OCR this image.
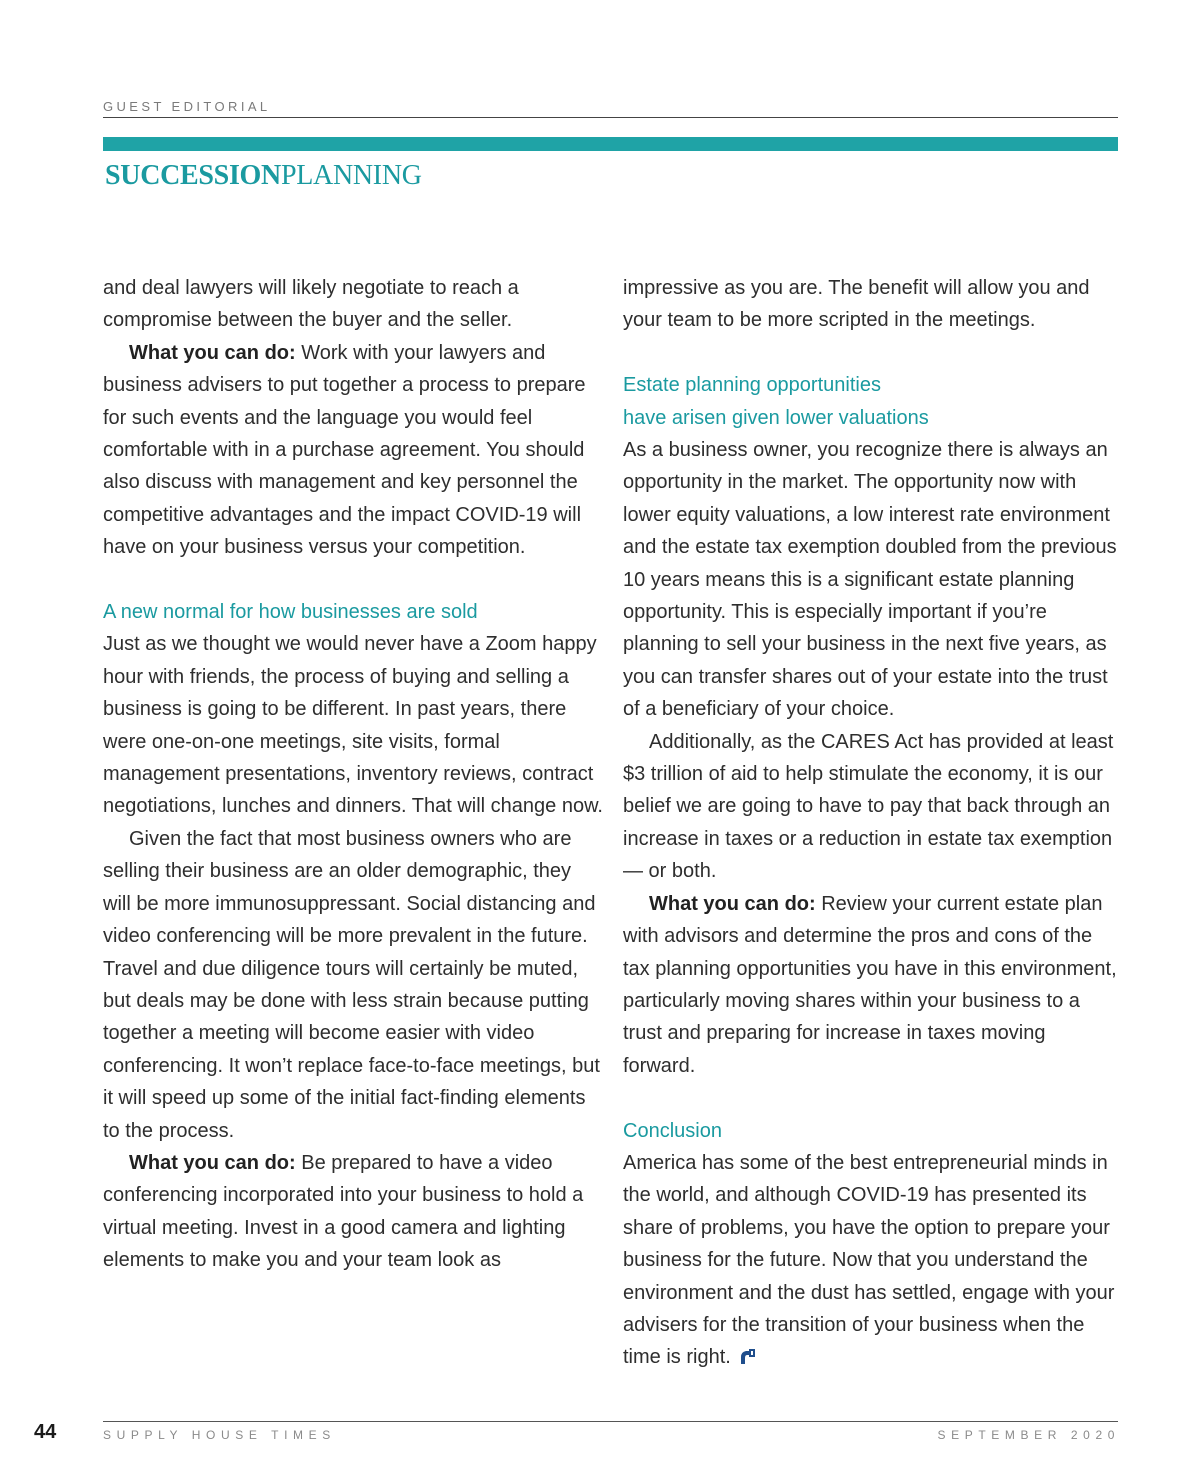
GUEST EDITORIAL
SUCCESSIONPLANNING

and deal lawyers will likely negotiate to reach a compromise between the buyer and the seller.

What you can do: Work with your lawyers and business advisers to put together a process to prepare for such events and the language you would feel comfortable with in a purchase agreement. You should also discuss with management and key personnel the competitive advantages and the impact COVID-19 will have on your business versus your competition.

A new normal for how businesses are sold

Just as we thought we would never have a Zoom happy hour with friends, the process of buying and selling a business is going to be different. In past years, there were one-on-one meetings, site visits, formal management presentations, inventory reviews, contract negotiations, lunches and dinners. That will change now.

Given the fact that most business owners who are selling their business are an older demographic, they will be more immunosuppressant. Social distancing and video conferencing will be more prevalent in the future. Travel and due diligence tours will certainly be muted, but deals may be done with less strain because putting together a meeting will become easier with video conferencing. It won’t replace face-to-face meetings, but it will speed up some of the initial fact-finding elements to the process.

What you can do: Be prepared to have a video conferencing incorporated into your business to hold a virtual meeting. Invest in a good camera and lighting elements to make you and your team look as

impressive as you are. The benefit will allow you and your team to be more scripted in the meetings.

Estate planning opportunities
have arisen given lower valuations

As a business owner, you recognize there is always an opportunity in the market. The opportunity now with lower equity valuations, a low interest rate environment and the estate tax exemption doubled from the previous 10 years means this is a significant estate planning opportunity. This is especially important if you’re planning to sell your business in the next five years, as you can transfer shares out of your estate into the trust of a beneficiary of your choice.

Additionally, as the CARES Act has provided at least $3 trillion of aid to help stimulate the economy, it is our belief we are going to have to pay that back through an increase in taxes or a reduction in estate tax exemption — or both.

What you can do: Review your current estate plan with advisors and determine the pros and cons of the tax planning opportunities you have in this environment, particularly moving shares within your business to a trust and preparing for increase in taxes moving forward.

Conclusion

America has some of the best entrepreneurial minds in the world, and although COVID-19 has presented its share of problems, you have the option to prepare your business for the future. Now that you understand the environment and the dust has settled, engage with your advisers for the transition of your business when the time is right.

44	SUPPLY HOUSE TIMES	SEPTEMBER 2020
